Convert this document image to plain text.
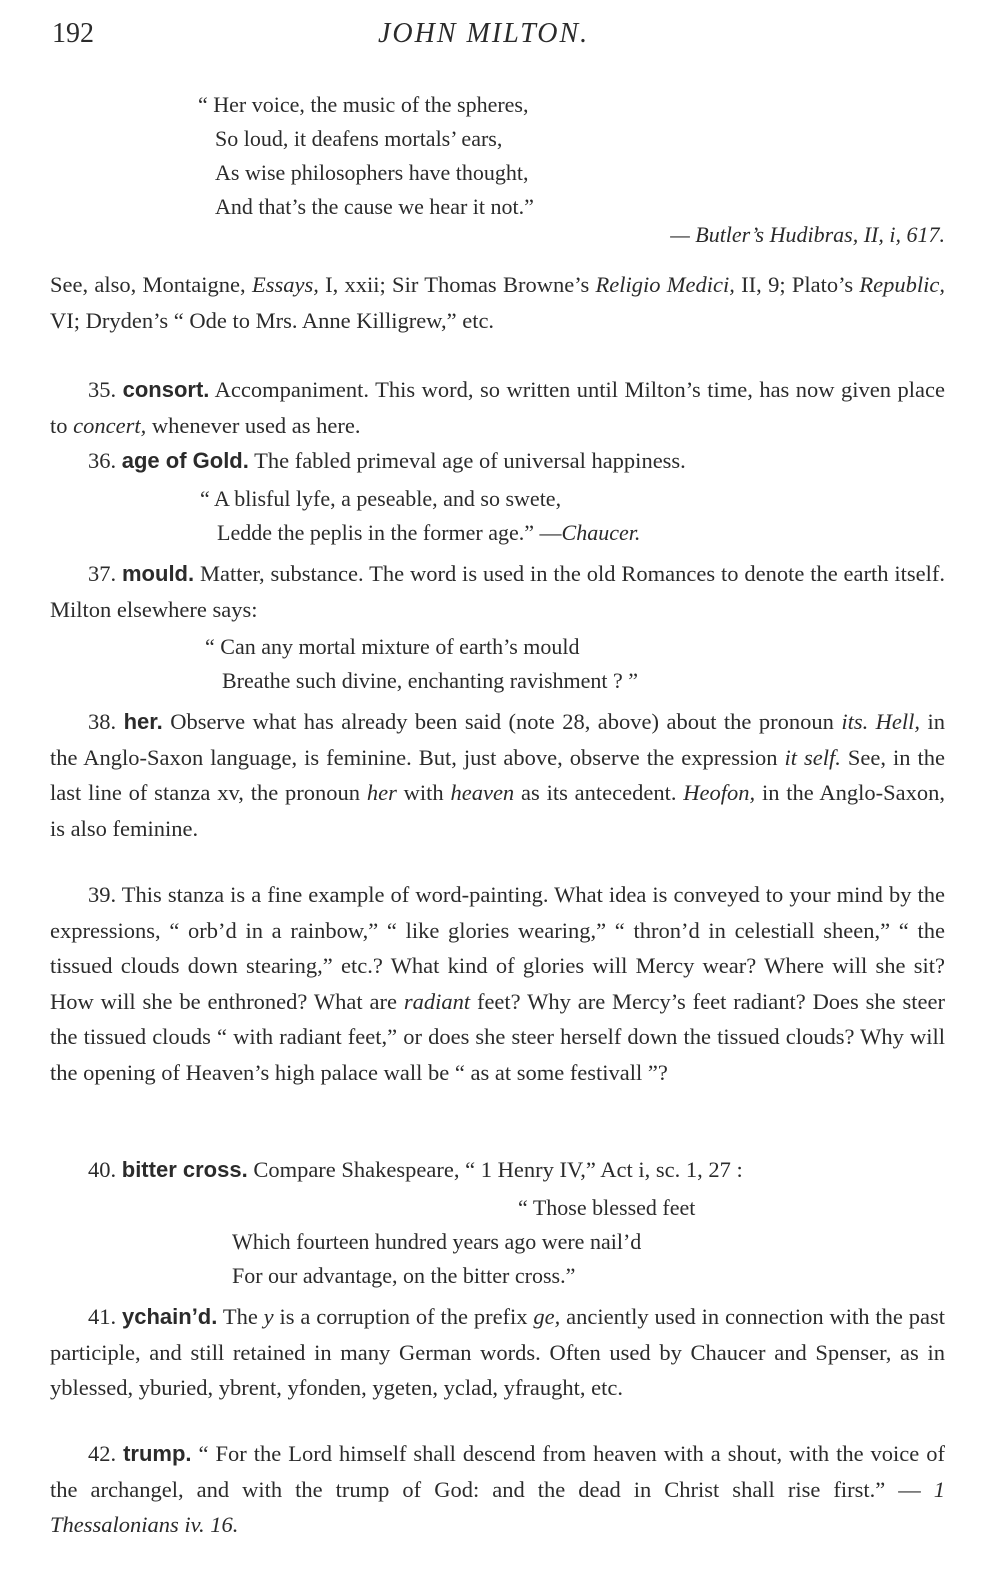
192	JOHN MILTON.
“ Her voice, the music of the spheres,
So loud, it deafens mortals’ ears,
As wise philosophers have thought,
And that’s the cause we hear it not.”
— Butler’s Hudibras, II, i, 617.
See, also, Montaigne, Essays, I, xxii; Sir Thomas Browne’s Religio Medici, II, 9; Plato’s Republic, VI; Dryden’s “ Ode to Mrs. Anne Killigrew,” etc.
35. consort. Accompaniment. This word, so written until Milton’s time, has now given place to concert, whenever used as here.
36. age of Gold. The fabled primeval age of universal happiness.
“ A blisful lyfe, a peseable, and so swete,
Ledde the peplis in the former age.” —Chaucer.
37. mould. Matter, substance. The word is used in the old Romances to denote the earth itself. Milton elsewhere says:
“ Can any mortal mixture of earth’s mould
Breathe such divine, enchanting ravishment ? ”
38. her. Observe what has already been said (note 28, above) about the pronoun its. Hell, in the Anglo-Saxon language, is feminine. But, just above, observe the expression it self. See, in the last line of stanza xv, the pronoun her with heaven as its antecedent. Heofon, in the Anglo-Saxon, is also feminine.
39. This stanza is a fine example of word-painting. What idea is conveyed to your mind by the expressions, “ orb’d in a rainbow,” “ like glories wearing,” “ thron’d in celestiall sheen,” “ the tissued clouds down stearing,” etc.? What kind of glories will Mercy wear? Where will she sit? How will she be enthroned? What are radiant feet? Why are Mercy’s feet radiant? Does she steer the tissued clouds “ with radiant feet,” or does she steer herself down the tissued clouds? Why will the opening of Heaven’s high palace wall be “ as at some festivall ”?
40. bitter cross. Compare Shakespeare, “ 1 Henry IV,” Act i, sc. 1, 27 :
“ Those blessed feet
Which fourteen hundred years ago were nail’d
For our advantage, on the bitter cross.”
41. ychain’d. The y is a corruption of the prefix ge, anciently used in connection with the past participle, and still retained in many German words. Often used by Chaucer and Spenser, as in yblessed, yburied, ybrent, yfonden, ygeten, yclad, yfraught, etc.
42. trump. “ For the Lord himself shall descend from heaven with a shout, with the voice of the archangel, and with the trump of God: and the dead in Christ shall rise first.” — 1 Thessalonians iv. 16.
